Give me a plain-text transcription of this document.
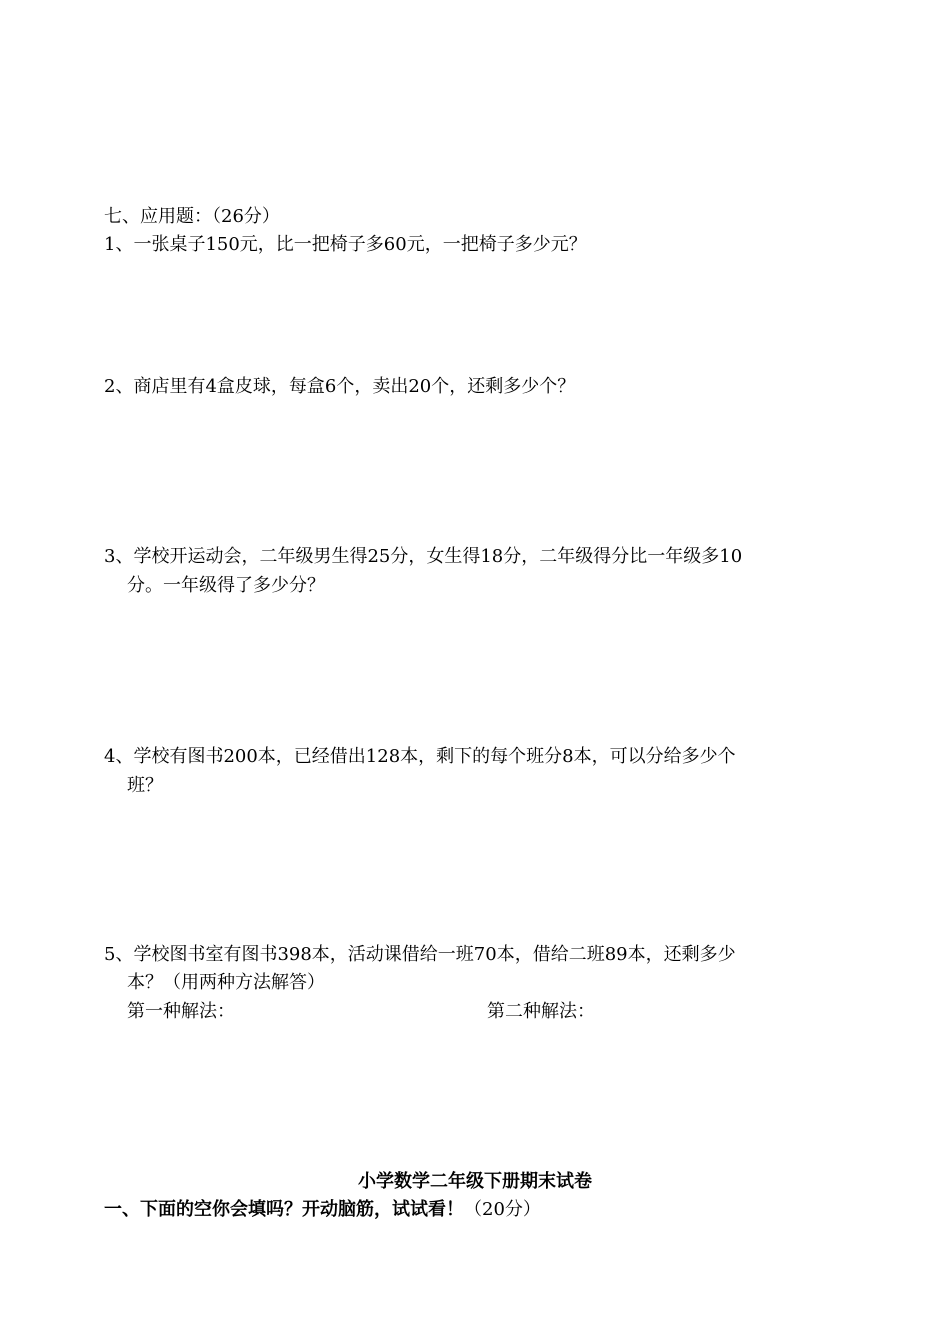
七、应用题：（26分）
1、一张桌子150元，比一把椅子多60元，一把椅子多少元？
2、商店里有4盒皮球，每盒6个，卖出20个，还剩多少个？
3、学校开运动会，二年级男生得25分，女生得18分，二年级得分比一年级多10
分。一年级得了多少分？
4、学校有图书200本，已经借出128本，剩下的每个班分8本，可以分给多少个
班？
5、学校图书室有图书398本，活动课借给一班70本，借给二班89本，还剩多少
本？（用两种方法解答）
第一种解法：	第二种解法：
小学数学二年级下册期末试卷
一、下面的空你会填吗？开动脑筋，试试看！（20分）
